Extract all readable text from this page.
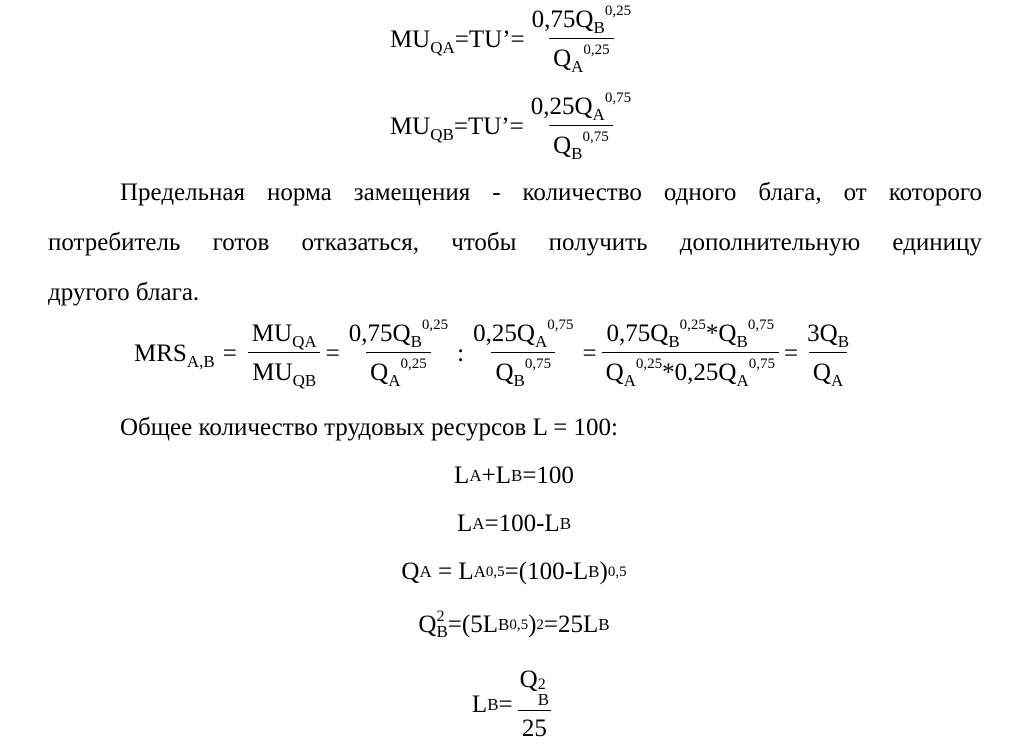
$MU_{QA}$ =TU’= $\frac{0,75Q_B^{0,25}}{Q_A^{0,25}}$
$MU_{QB}$ =TU’= $\frac{0,25Q_A^{0,75}}{Q_B^{0,75}}$
Предельная норма замещения - количество одного блага, от которого
потребитель готов отказаться, чтобы получить дополнительную единицу
другого блага.
$MRS_{A,B} = \frac{MU_{QA}}{MU_{QB}} = \frac{0,75Q_B^{0,25}}{Q_A^{0,25}}$ : $\frac{0,25Q_A^{0,75}}{Q_B^{0,75}} = \frac{0,75Q_B^{0,25}*Q_B^{0,75}}{Q_A^{0,25}*0,25Q_A^{0,75}} = \frac{3Q_B}{Q_A}$
Общее количество трудовых ресурсов L = 100:
L A +L B =100
L A =100-L B
Q A = L A 0,5 =(100-L B ) 0,5
Q 2
B =(5L B 0,5 ) 2 =25L B
L B = Q 2
B
25
